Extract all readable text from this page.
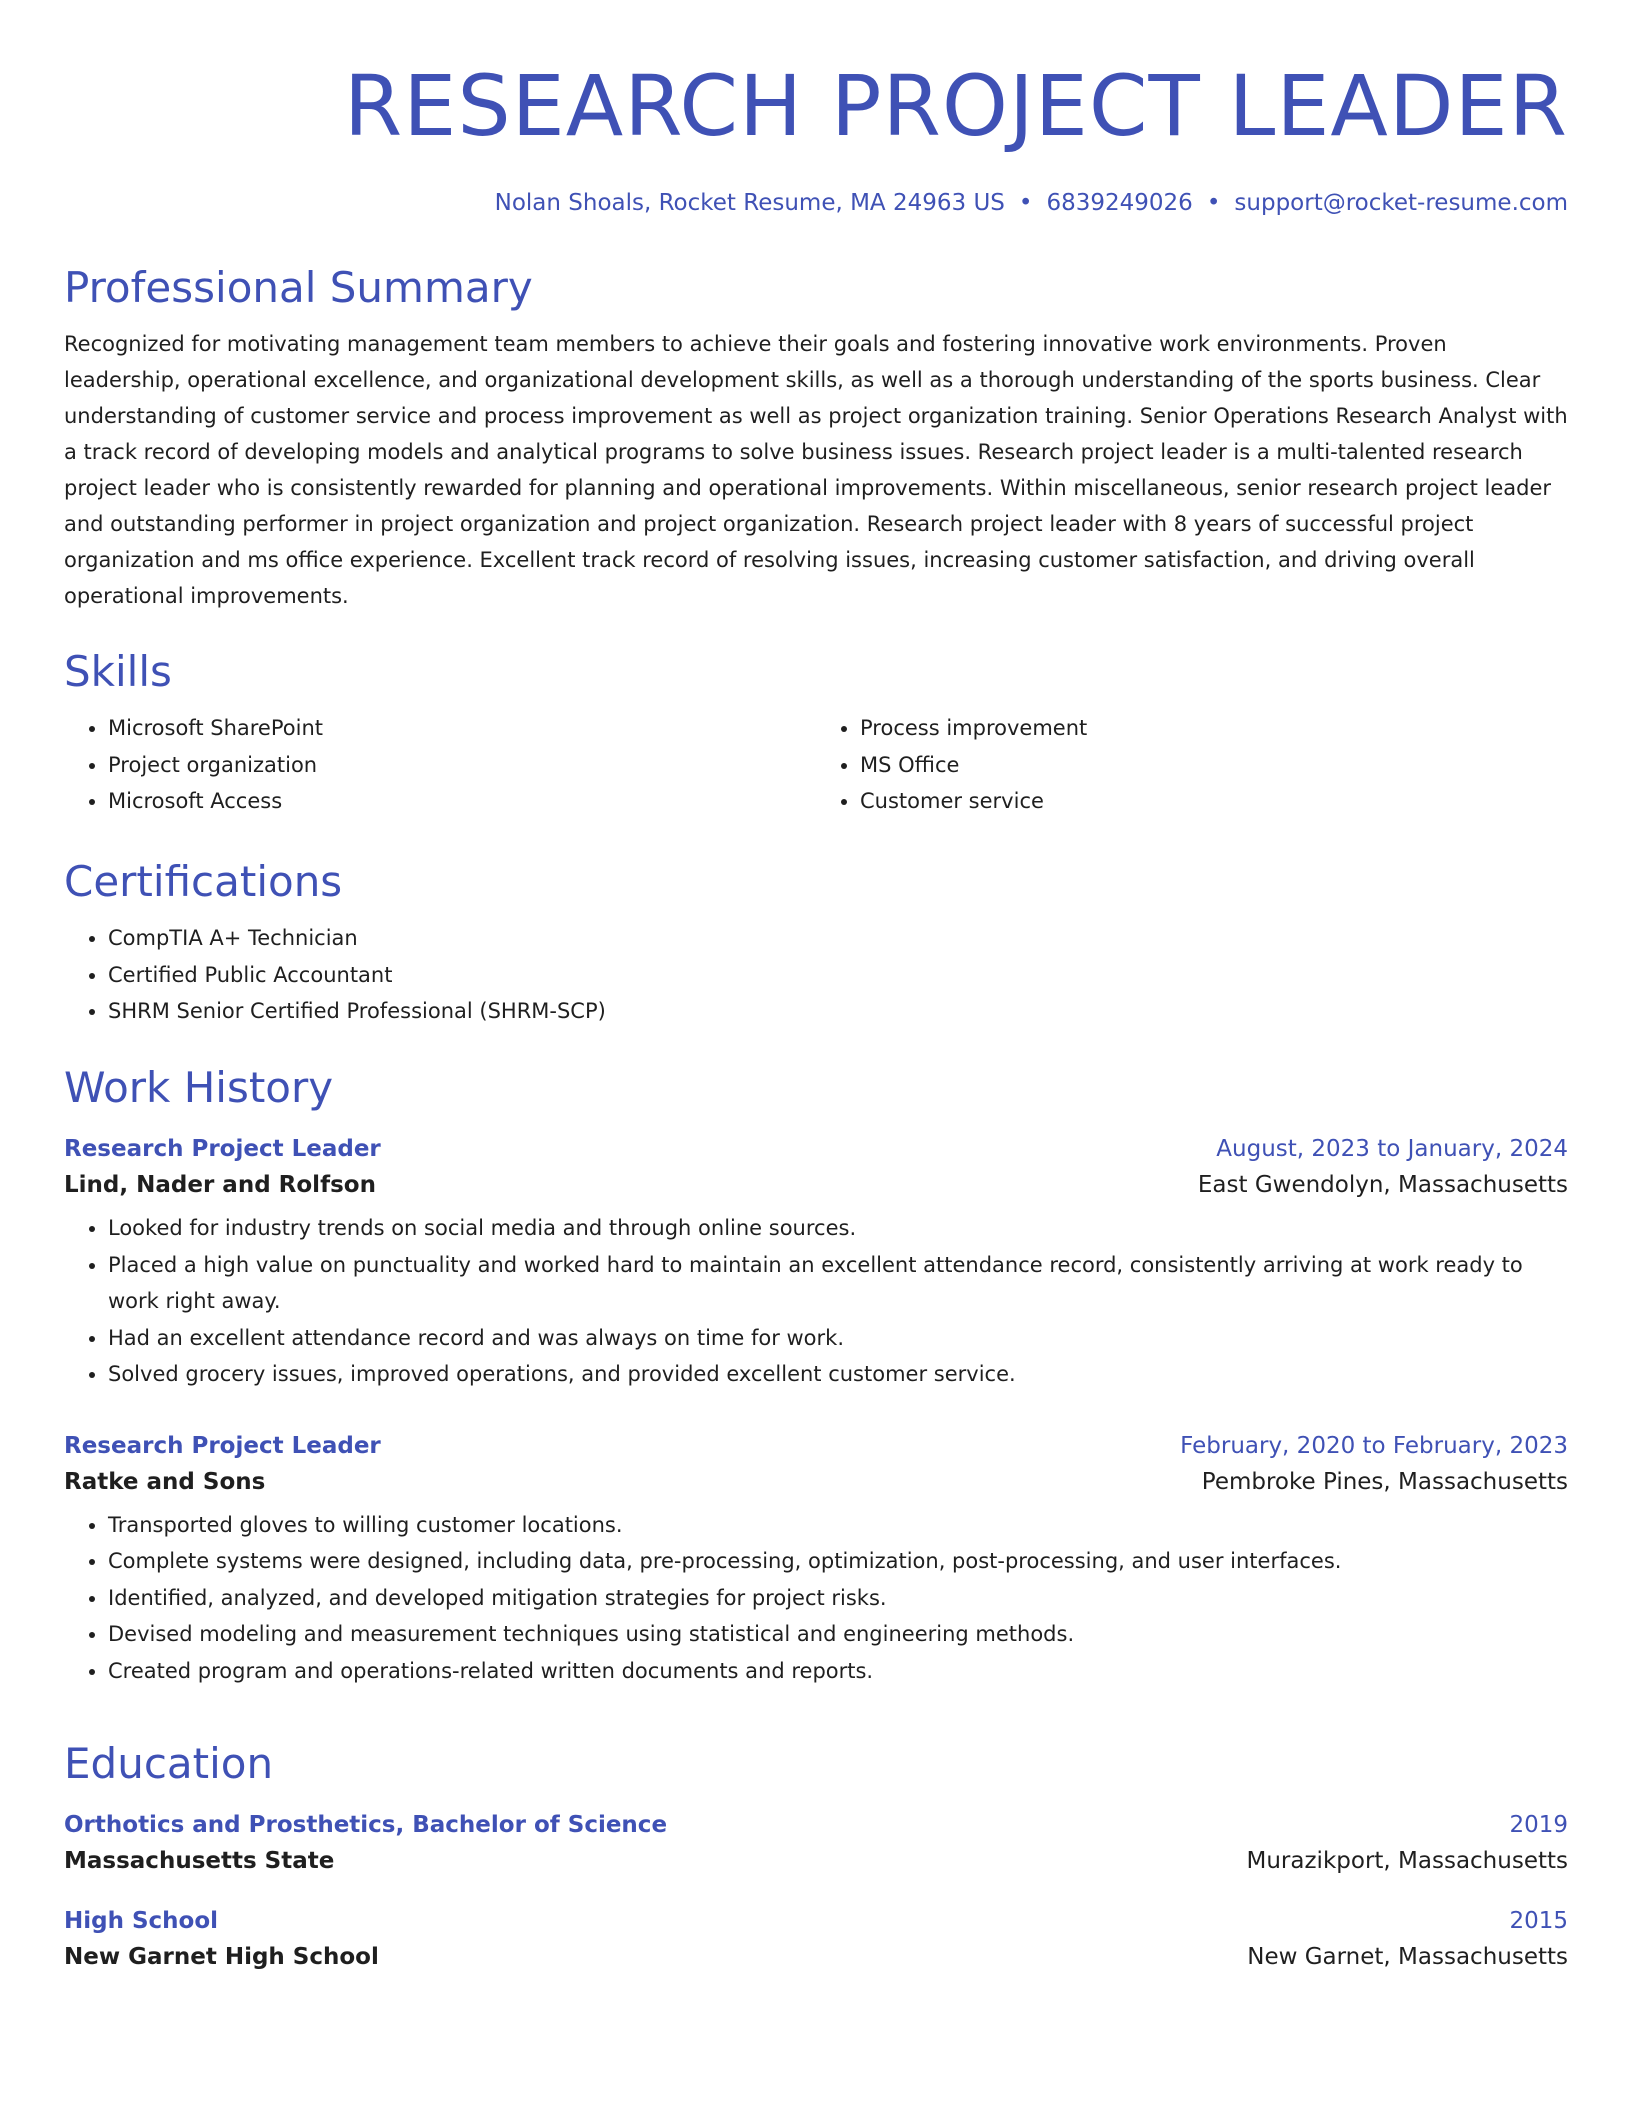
RESEARCH PROJECT LEADER
Nolan Shoals, Rocket Resume, MA 24963 US • 6839249026 • support@rocket-resume.com
Professional Summary
Recognized for motivating management team members to achieve their goals and fostering innovative work environments. Proven leadership, operational excellence, and organizational development skills, as well as a thorough understanding of the sports business. Clear understanding of customer service and process improvement as well as project organization training. Senior Operations Research Analyst with a track record of developing models and analytical programs to solve business issues. Research project leader is a multi-talented research project leader who is consistently rewarded for planning and operational improvements. Within miscellaneous, senior research project leader and outstanding performer in project organization and project organization. Research project leader with 8 years of successful project organization and ms office experience. Excellent track record of resolving issues, increasing customer satisfaction, and driving overall operational improvements.
Skills
• Microsoft SharePoint
• Project organization
• Microsoft Access
• Process improvement
• MS Office
• Customer service
Certifications
• CompTIA A+ Technician
• Certified Public Accountant
• SHRM Senior Certified Professional (SHRM-SCP)
Work History
Research Project Leader	August, 2023 to January, 2024
Lind, Nader and Rolfson	East Gwendolyn, Massachusetts
• Looked for industry trends on social media and through online sources.
• Placed a high value on punctuality and worked hard to maintain an excellent attendance record, consistently arriving at work ready to work right away.
• Had an excellent attendance record and was always on time for work.
• Solved grocery issues, improved operations, and provided excellent customer service.
Research Project Leader	February, 2020 to February, 2023
Ratke and Sons	Pembroke Pines, Massachusetts
• Transported gloves to willing customer locations.
• Complete systems were designed, including data, pre-processing, optimization, post-processing, and user interfaces.
• Identified, analyzed, and developed mitigation strategies for project risks.
• Devised modeling and measurement techniques using statistical and engineering methods.
• Created program and operations-related written documents and reports.
Education
Orthotics and Prosthetics, Bachelor of Science	2019
Massachusetts State	Murazikport, Massachusetts
High School	2015
New Garnet High School	New Garnet, Massachusetts
